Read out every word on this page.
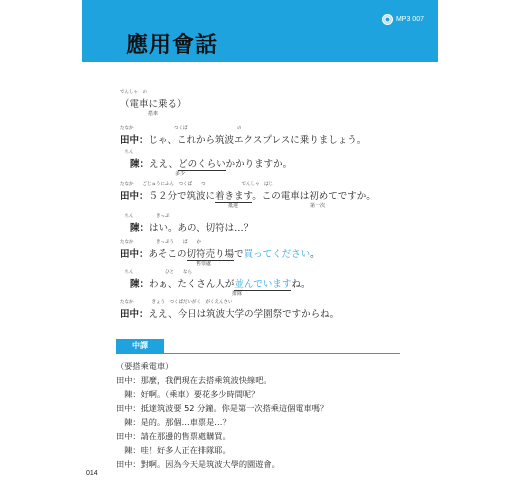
應用會話
MP3 007
でんしゃ　の
（電車に乗る）
搭車
たなか　　　　　　　　　つくば　　　　　　　　　　　の
田中：じゃ、これから筑波エクスプレスに乗りましょう。
　ちん
陳：ええ、どのくらいかかりますか。
多少
たなか　　ごじゅうにふん　つくば　　つ　　　　　　　　でんしゃ　はじ
田中：５２分で筑波に着きます。この電車は初めてですか。
抵達	第一次
　ちん　　　　　きっぷ
陳：はい。あの、切符は…？
たなか　　　　　きっぷう　　ば　　か
田中：あそこの切符売り場で買ってください。
售票處
　ちん　　　　　　　ひと　　なら
陳：わぁ、たくさん人が並んでいますね。
排隊
たなか　　　　きょう　つくばだいがく　がくえんさい
田中：ええ、今日は筑波大学の学園祭ですからね。
中譯
（要搭乘電車）
田中：那麼，我們現在去搭乘筑波快線吧。
　陳：好啊。（乘車）要花多少時間呢？
田中：抵達筑波要 52 分鐘。你是第一次搭乘這個電車嗎？
　陳：是的。那個…車票是…？
田中：請在那邊的售票處購買。
　陳：哇！好多人正在排隊耶。
田中：對啊。因為今天是筑波大學的園遊會。
014
